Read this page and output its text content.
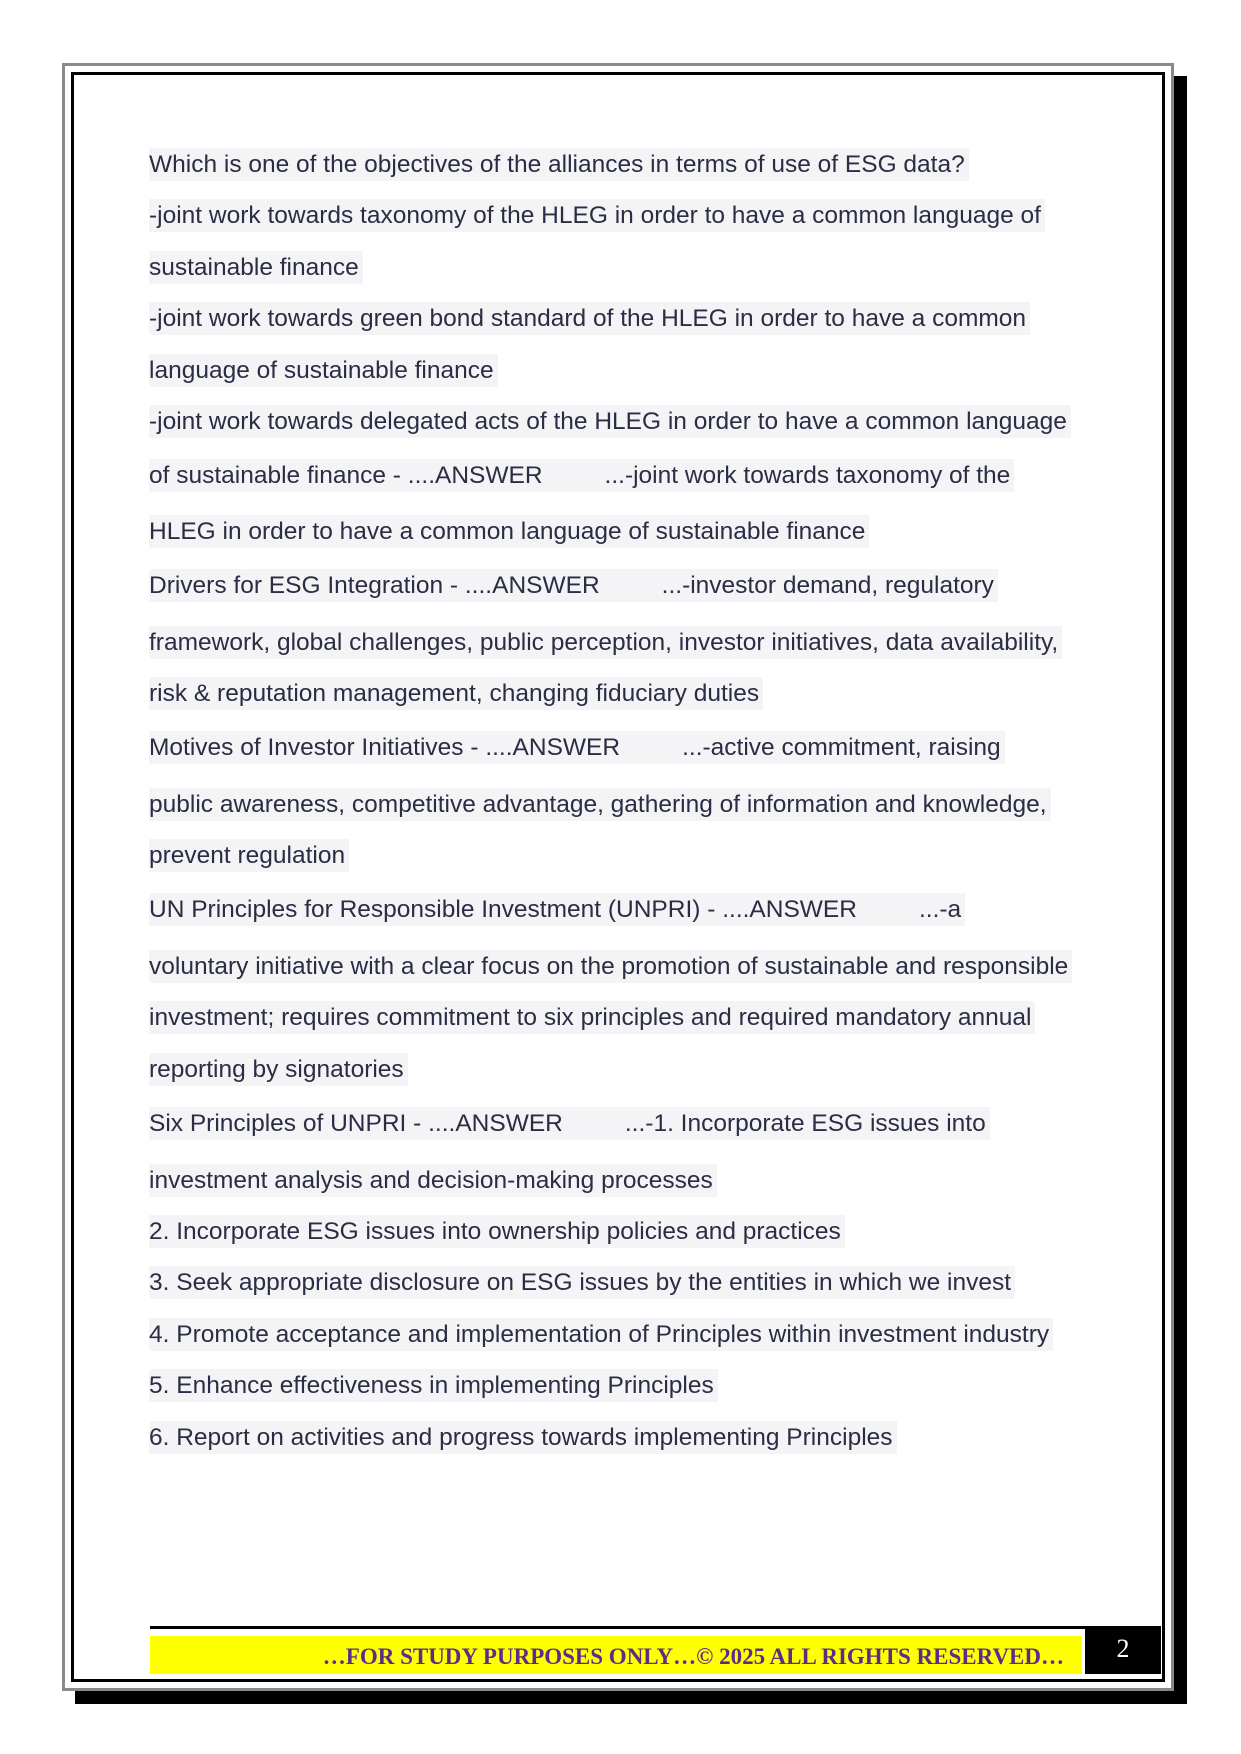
Which is one of the objectives of the alliances in terms of use of ESG data?
-joint work towards taxonomy of the HLEG in order to have a common language of
sustainable finance
-joint work towards green bond standard of the HLEG in order to have a common
language of sustainable finance
-joint work towards delegated acts of the HLEG in order to have a common language
of sustainable finance - ....ANSWER	...-joint work towards taxonomy of the
HLEG in order to have a common language of sustainable finance
Drivers for ESG Integration - ....ANSWER	...-investor demand, regulatory
framework, global challenges, public perception, investor initiatives, data availability,
risk & reputation management, changing fiduciary duties
Motives of Investor Initiatives - ....ANSWER	...-active commitment, raising
public awareness, competitive advantage, gathering of information and knowledge,
prevent regulation
UN Principles for Responsible Investment (UNPRI) - ....ANSWER	...-a
voluntary initiative with a clear focus on the promotion of sustainable and responsible
investment; requires commitment to six principles and required mandatory annual
reporting by signatories
Six Principles of UNPRI - ....ANSWER	...-1. Incorporate ESG issues into
investment analysis and decision-making processes
2. Incorporate ESG issues into ownership policies and practices
3. Seek appropriate disclosure on ESG issues by the entities in which we invest
4. Promote acceptance and implementation of Principles within investment industry
5. Enhance effectiveness in implementing Principles
6. Report on activities and progress towards implementing Principles
…FOR STUDY PURPOSES ONLY…© 2025 ALL RIGHTS RESERVED…	2
